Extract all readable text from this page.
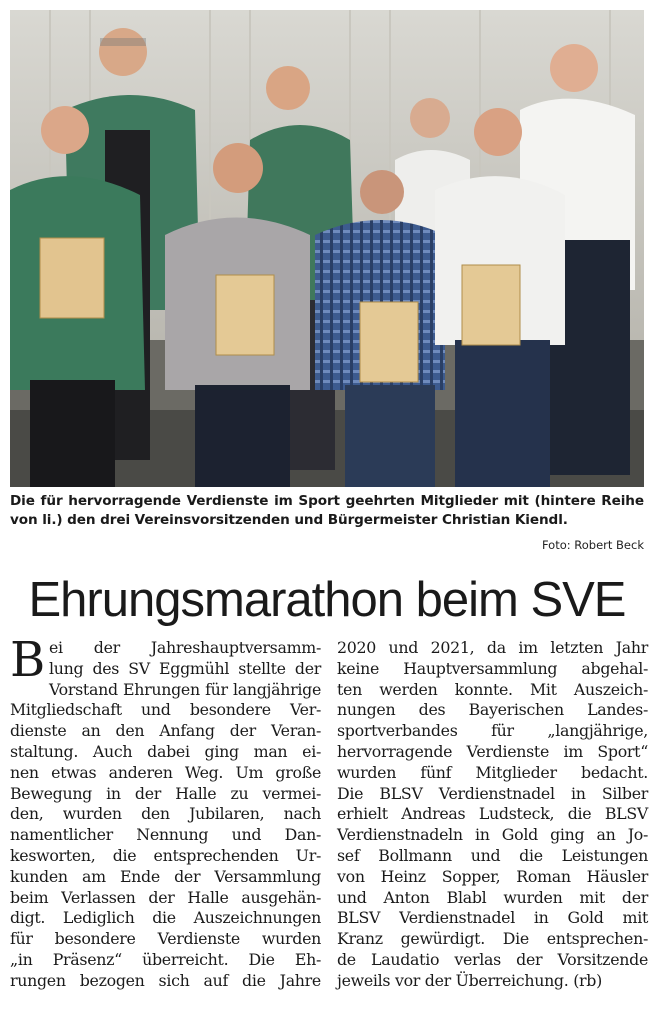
Die für hervorragende Verdienste im Sport geehrten Mitglieder mit (hintere Reihe von li.) den drei Vereinsvorsitzenden und Bürgermeister Christian Kiendl.
Foto: Robert Beck
Ehrungsmarathon beim SVE
B ei der Jahreshauptversamm-
lung des SV Eggmühl stellte der
Vorstand Ehrungen für langjährige
Mitgliedschaft und besondere Ver-
dienste an den Anfang der Veran-
staltung. Auch dabei ging man ei-
nen etwas anderen Weg. Um große
Bewegung in der Halle zu vermei-
den, wurden den Jubilaren, nach
namentlicher Nennung und Dan-
kesworten, die entsprechenden Ur-
kunden am Ende der Versammlung
beim Verlassen der Halle ausgehän-
digt. Lediglich die Auszeichnungen
für besondere Verdienste wurden
„in Präsenz“ überreicht. Die Eh-
rungen bezogen sich auf die Jahre
2020 und 2021, da im letzten Jahr
keine Hauptversammlung abgehal-
ten werden konnte. Mit Auszeich-
nungen des Bayerischen Landes-
sportverbandes für „langjährige,
hervorragende Verdienste im Sport“
wurden fünf Mitglieder bedacht.
Die BLSV Verdienstnadel in Silber
erhielt Andreas Ludsteck, die BLSV
Verdienstnadeln in Gold ging an Jo-
sef Bollmann und die Leistungen
von Heinz Sopper, Roman Häusler
und Anton Blabl wurden mit der
BLSV Verdienstnadel in Gold mit
Kranz gewürdigt. Die entsprechen-
de Laudatio verlas der Vorsitzende
jeweils vor der Überreichung. (rb)
